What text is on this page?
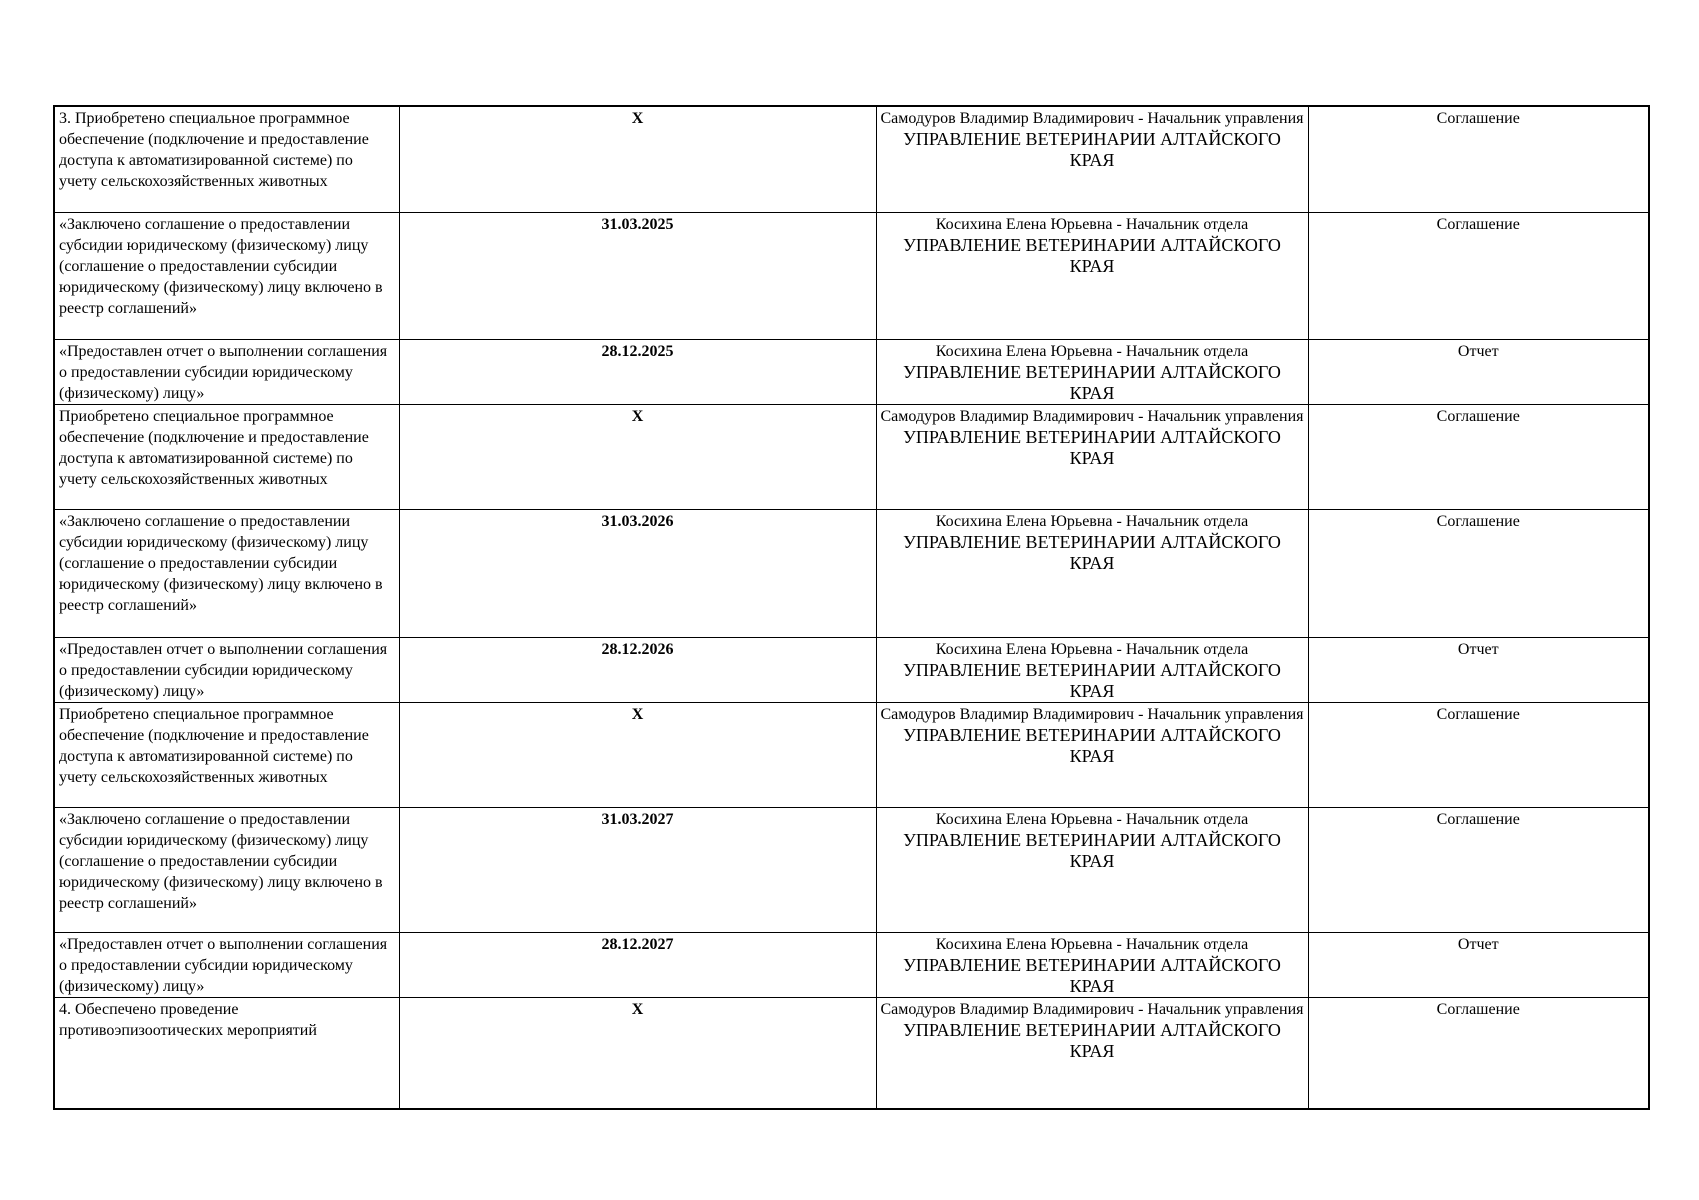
3. Приобретено специальное программное обеспечение (подключение и предоставление доступа к автоматизированной системе) по учету сельскохозяйственных животных	X	Самодуров Владимир Владимирович - Начальник управления
УПРАВЛЕНИЕ ВЕТЕРИНАРИИ АЛТАЙСКОГО КРАЯ	Соглашение
«Заключено соглашение о предоставлении субсидии юридическому (физическому) лицу (соглашение о предоставлении субсидии юридическому (физическому) лицу включено в реестр соглашений»	31.03.2025	Косихина Елена Юрьевна - Начальник отдела
УПРАВЛЕНИЕ ВЕТЕРИНАРИИ АЛТАЙСКОГО КРАЯ	Соглашение
«Предоставлен отчет о выполнении соглашения о предоставлении субсидии юридическому (физическому) лицу»	28.12.2025	Косихина Елена Юрьевна - Начальник отдела
УПРАВЛЕНИЕ ВЕТЕРИНАРИИ АЛТАЙСКОГО КРАЯ	Отчет
Приобретено специальное программное обеспечение (подключение и предоставление доступа к автоматизированной системе) по учету сельскохозяйственных животных	X	Самодуров Владимир Владимирович - Начальник управления
УПРАВЛЕНИЕ ВЕТЕРИНАРИИ АЛТАЙСКОГО КРАЯ	Соглашение
«Заключено соглашение о предоставлении субсидии юридическому (физическому) лицу (соглашение о предоставлении субсидии юридическому (физическому) лицу включено в реестр соглашений»	31.03.2026	Косихина Елена Юрьевна - Начальник отдела
УПРАВЛЕНИЕ ВЕТЕРИНАРИИ АЛТАЙСКОГО КРАЯ	Соглашение
«Предоставлен отчет о выполнении соглашения о предоставлении субсидии юридическому (физическому) лицу»	28.12.2026	Косихина Елена Юрьевна - Начальник отдела
УПРАВЛЕНИЕ ВЕТЕРИНАРИИ АЛТАЙСКОГО КРАЯ	Отчет
Приобретено специальное программное обеспечение (подключение и предоставление доступа к автоматизированной системе) по учету сельскохозяйственных животных	X	Самодуров Владимир Владимирович - Начальник управления
УПРАВЛЕНИЕ ВЕТЕРИНАРИИ АЛТАЙСКОГО КРАЯ	Соглашение
«Заключено соглашение о предоставлении субсидии юридическому (физическому) лицу (соглашение о предоставлении субсидии юридическому (физическому) лицу включено в реестр соглашений»	31.03.2027	Косихина Елена Юрьевна - Начальник отдела
УПРАВЛЕНИЕ ВЕТЕРИНАРИИ АЛТАЙСКОГО КРАЯ	Соглашение
«Предоставлен отчет о выполнении соглашения о предоставлении субсидии юридическому (физическому) лицу»	28.12.2027	Косихина Елена Юрьевна - Начальник отдела
УПРАВЛЕНИЕ ВЕТЕРИНАРИИ АЛТАЙСКОГО КРАЯ	Отчет
4. Обеспечено проведение противоэпизоотических мероприятий	X	Самодуров Владимир Владимирович - Начальник управления
УПРАВЛЕНИЕ ВЕТЕРИНАРИИ АЛТАЙСКОГО КРАЯ	Соглашение
